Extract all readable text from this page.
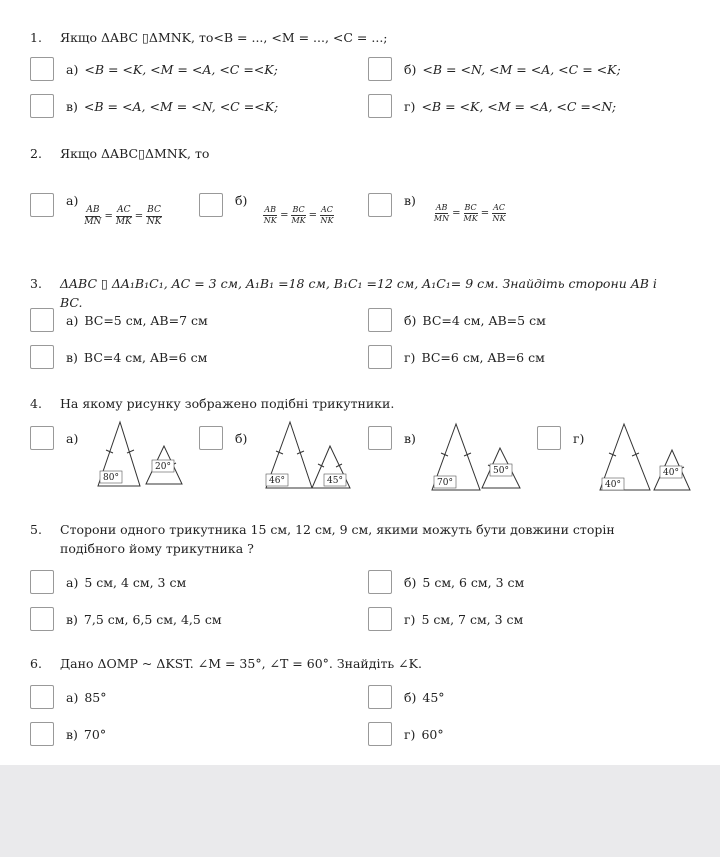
1. Якщо ΔABC ▯ΔMNK, то<B = ..., <M = ..., <C = ...;
а) <B = <K, <M = <A, <C =<K;	б) <B = <N, <M = <A, <C = <K;
в) <B = <A, <M = <N, <C =<K;	г) <B = <K, <M = <A, <C =<N;
2. Якщо ΔABC▯ΔMNK, то
а)
$\frac{AB}{MN} = \frac{AC}{MK} = \frac{BC}{NK}$
б)
$\frac{AB}{NK} = \frac{BC}{MK} = \frac{AC}{NK}$
в)
$\frac{AB}{MN} = \frac{BC}{MK} = \frac{AC}{NK}$
3. ΔABC ▯ ΔA₁B₁C₁, AC = 3 см, A₁B₁ =18 см, B₁C₁ =12 см, A₁C₁= 9 см. Знайдіть сторони AB і BC.
а) BC=5 см, AB=7 см	б) BC=4 см, AB=5 см
в) BC=4 см, AB=6 см	г) BC=6 см, AB=6 см
4. На якому рисунку зображено подібні трикутники.
а)	б)	в)	г)
80°
20°
46°	45°	70°
50°
40°
40°
5. Сторони одного трикутника 15 см, 12 см, 9 см, якими можуть бути довжини сторін подібного йому трикутника ?
а) 5 см, 4 см, 3 см	б) 5 см, 6 см, 3 см
в) 7,5 см, 6,5 см, 4,5 см	г) 5 см, 7 см, 3 см
6. Дано ΔOMP ~ ΔKST. ∠M = 35°, ∠T = 60°. Знайдіть ∠K.
а) 85°	б) 45°
в) 70°	г) 60°
